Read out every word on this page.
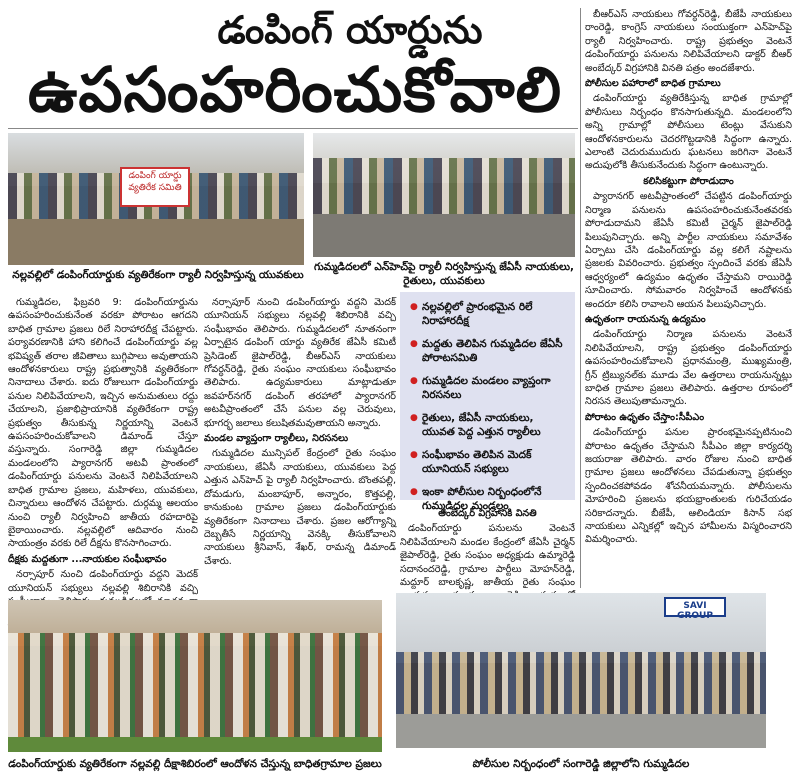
డంపింగ్ యార్డును
ఉపసంహరించుకోవాలి
డంపింగ్ యార్డు వ్యతిరేక సమితి
నల్లవల్లిలో డంపింగ్‌యార్డుకు వ్యతిరేకంగా ర్యాలీ నిర్వహిస్తున్న యువకులు
గుమ్మడిదలలో ఎన్‌హెచ్‌పై ర్యాలీ నిర్వహిస్తున్న జేఏసీ నాయకులు, రైతులు, యువకులు

గుమ్మడిదల, ఫిబ్రవరి 9: డంపింగ్‌యార్డును ఉపసంహరించుకునేంత వరకూ పోరాటం ఆగదని బాధిత గ్రామాల ప్రజలు రిలే నిరాహారదీక్ష చేపట్టారు. పర్యావరణానికి హాని కలిగించే డంపింగ్‌యార్డు వల్ల భవిష్యత్ తరాల జీవితాలు బుగ్గిపాలు అవుతాయని ఆందోళనకారులు రాష్ట్ర ప్రభుత్వానికి వ్యతిరేకంగా నినాదాలు చేశారు. ఐదు రోజులుగా డంపింగ్‌యార్డు పనుల నిలిపివేయాలని, ఇచ్చిన అనుమతులు రద్దు చేయాలని, ప్రజాభిప్రాయానికి వ్యతిరేకంగా రాష్ట్ర ప్రభుత్వం తీసుకున్న నిర్ణయాన్ని వెంటనే ఉపసంహరించుకోవాలని డిమాండ్ చేస్తూ వస్తున్నారు. సంగారెడ్డి జిల్లా గుమ్మడిదల మండలంలోని ప్యారానగర్ అటవీ ప్రాంతంలో డంపింగ్‌యార్డు పనులను వెంటనే నిలిపివేయాలని బాధిత గ్రామాల ప్రజలు, మహిళలు, యువకులు, చిన్నారులు ఆందోళన చేపట్టారు. దుర్గమ్మ ఆలయం నుంచి ర్యాలీ నిర్వహించి జాతీయ రహదారిపై బైఠాయించారు. నల్లవల్లిలో ఆదివారం నుంచి సాయంత్రం వరకు రిలే దీక్షను కొనసాగించారు.

దీక్షకు మద్దతుగా ...నాయకుల సంఘీభావం

నర్సాపూర్ నుంచి డంపింగ్‌యార్డు వద్దని మెదక్ యూనియన్ సభ్యులు నల్లవల్లి శిబిరానికి వచ్చి

నర్సాపూర్ నుంచి డంపింగ్‌యార్డు వద్దని మెదక్ యూనియన్ సభ్యులు నల్లవల్లి శిబిరానికి వచ్చి సంఘీభావం తెలిపారు. గుమ్మడిదలలో నూతనంగా ఏర్పాటైన డంపింగ్ యార్డు వ్యతిరేక జేఏసీ కమిటీ ప్రెసిడెంట్ జైపాల్‌రెడ్డి, బీఆర్ఎస్ నాయకులు గోవర్ధన్‌రెడ్డి, రైతు సంఘం నాయకులు సంఘీభావం తెలిపారు. ఉద్యమకారులు మాట్లాడుతూ జవహర్‌నగర్ డంపింగ్ తరహాలో ప్యారానగర్ అటవీప్రాంతంలో చేసే పనుల వల్ల చెరువులు, భూగర్భ జలాలు కలుషితమవుతాయని అన్నారు.

మండల వ్యాప్తంగా ర్యాలీలు, నిరసనలు

గుమ్మడిదల మున్సిపల్ కేంద్రంలో రైతు సంఘం నాయకులు, జేఏసీ నాయకులు, యువకులు పెద్ద ఎత్తున ఎన్‌హెచ్ పై ర్యాలీ నిర్వహించారు. బొంతపల్లి, దోమడుగు, మంబాపూర్, అన్నారం, కొత్తపల్లి, కానుకుంట గ్రామాల ప్రజలు డంపింగ్‌యార్డుకు వ్యతిరేకంగా నినాదాలు చేశారు. ప్రజల ఆరోగ్యాన్ని దెబ్బతీసే నిర్ణయాన్ని వెనక్కి తీసుకోవాలని నాయకులు శ్రీనివాస్, శేఖర్, రామన్న డిమాండ్ చేశారు.

● నల్లవల్లిలో ప్రారంభమైన రిలే నిరాహారదీక్ష
● మద్దతు తెలిపిన గుమ్మడిదల జేఏసీ పోరాటసమితి
● గుమ్మడిదల మండలం వ్యాప్తంగా నిరసనలు
● రైతులు, జేఏసీ నాయకులు, యువత పెద్ద ఎత్తున ర్యాలీలు
● సంఘీభావం తెలిపిన మెదక్ యూనియన్ సభ్యులు
● ఇంకా పోలీసుల నిర్బంధంలోనే గుమ్మడిదల మండలం

అంబేద్కర్ విగ్రహానికి వినతి

డంపింగ్‌యార్డు పనులను వెంటనే నిలిపివేయాలని మండల కేంద్రంలో జేఏసీ చైర్మన్ జైపాల్‌రెడ్డి, రైతు సంఘం అధ్యక్షుడు ఉమ్మారెడ్డి సదానందరెడ్డి, గ్రామాల పార్టీలు మోహన్‌రెడ్డి, మద్దూర్ బాలకృష్ణ, జాతీయ రైతు సంఘం

బీఆర్ఎస్ నాయకులు గోవర్ధన్‌రెడ్డి, బీజేపీ నాయకులు రాంరెడ్డి, కాంగ్రెస్ నాయకులు సంయుక్తంగా ఎన్‌హెచ్‌పై ర్యాలీ నిర్వహించారు. రాష్ట్ర ప్రభుత్వం వెంటనే డంపింగ్‌యార్డు పనులను నిలిపివేయాలని డాక్టర్ బీఆర్ అంబేద్కర్ విగ్రహానికి వినతి పత్రం అందజేశారు.

పోలీసుల పహారాలో బాధిత గ్రామాలు

డంపింగ్‌యార్డు వ్యతిరేకిస్తున్న బాధిత గ్రామాల్లో పోలీసులు నిర్బంధం కొనసాగుతున్నది. మండలంలోని అన్ని గ్రామాల్లో పోలీసులు టెంట్లు వేసుకుని ఆందోళనకారులను చెదరగొట్టడానికి సిద్ధంగా ఉన్నారు. ఎలాంటి చెదురుముదురు ఘటనలు జరిగినా వెంటనే అదుపులోకి తీసుకునేందుకు సిద్ధంగా ఉంటున్నారు.

కలిసికట్టుగా పోరాడుదాం

ప్యారానగర్ అటవీప్రాంతంలో చేపట్టిన డంపింగ్‌యార్డు నిర్మాణ పనులను ఉపసంహరించుకునేంతవరకు పోరాడుదామని జేఏసీ కమిటీ చైర్మన్ జైపాల్‌రెడ్డి పిలుపునిచ్చారు. అన్ని పార్టీల నాయకులు సమావేశం ఏర్పాటు చేసి డంపింగ్‌యార్డు వల్ల కలిగే నష్టాలను ప్రజలకు వివరించారు. ప్రభుత్వం స్పందించే వరకు జేఏసీ ఆధ్వర్యంలో ఉద్యమం ఉధృతం చేస్తామని రాయిరెడ్డి సూచించారు. సోమవారం నిర్వహించే ఆందోళనకు అందరూ కలిసి రావాలని ఆయన పిలుపునిచ్చారు.

ఉధృతంగా రాయనున్న ఉద్యమం

డంపింగ్‌యార్డు నిర్మాణ పనులను వెంటనే నిలిపివేయాలని, రాష్ట్ర ప్రభుత్వం డంపింగ్‌యార్డు ఉపసంహరించుకోవాలని ప్రధానమంత్రి, ముఖ్యమంత్రి, గ్రీన్ ట్రిబ్యునల్‌కు మూడు వేల ఉత్తరాలు రాయనున్నట్లు బాధిత గ్రామాల ప్రజలు తెలిపారు. ఉత్తరాల రూపంలో నిరసన తెలుపుతామన్నారు.

పోరాటం ఉధృతం చేస్తాం:సీపీఎం

డంపింగ్‌యార్డు పనుల ప్రారంభమైనప్పటినుంచి పోరాటం ఉధృతం చేస్తామని సీపీఎం జిల్లా కార్యదర్శి జయరాజు తెలిపారు. వారం రోజుల నుంచి బాధిత గ్రామాల ప్రజలు ఆందోళనలు చేపడుతున్నా ప్రభుత్వం స్పందించకపోవడం శోచనీయమన్నారు. పోలీసులను మోహరించి ప్రజలను భయభ్రాంతులకు గురిచేయడం సరికాదన్నారు. బీజేపీ, ఆలిండియా కిసాన్ సభ నాయకులు ఎన్నికల్లో ఇచ్చిన హామీలను విస్మరించారని విమర్శించారు.

డంపింగ్‌యార్డుకు వ్యతిరేకంగా నల్లవల్లి దీక్షాశిబిరంలో ఆందోళన చేస్తున్న బాధితగ్రామాల ప్రజలు
SAVI GROUP
పోలీసుల నిర్బంధంలో సంగారెడ్డి జిల్లాలోని గుమ్మడిదల
